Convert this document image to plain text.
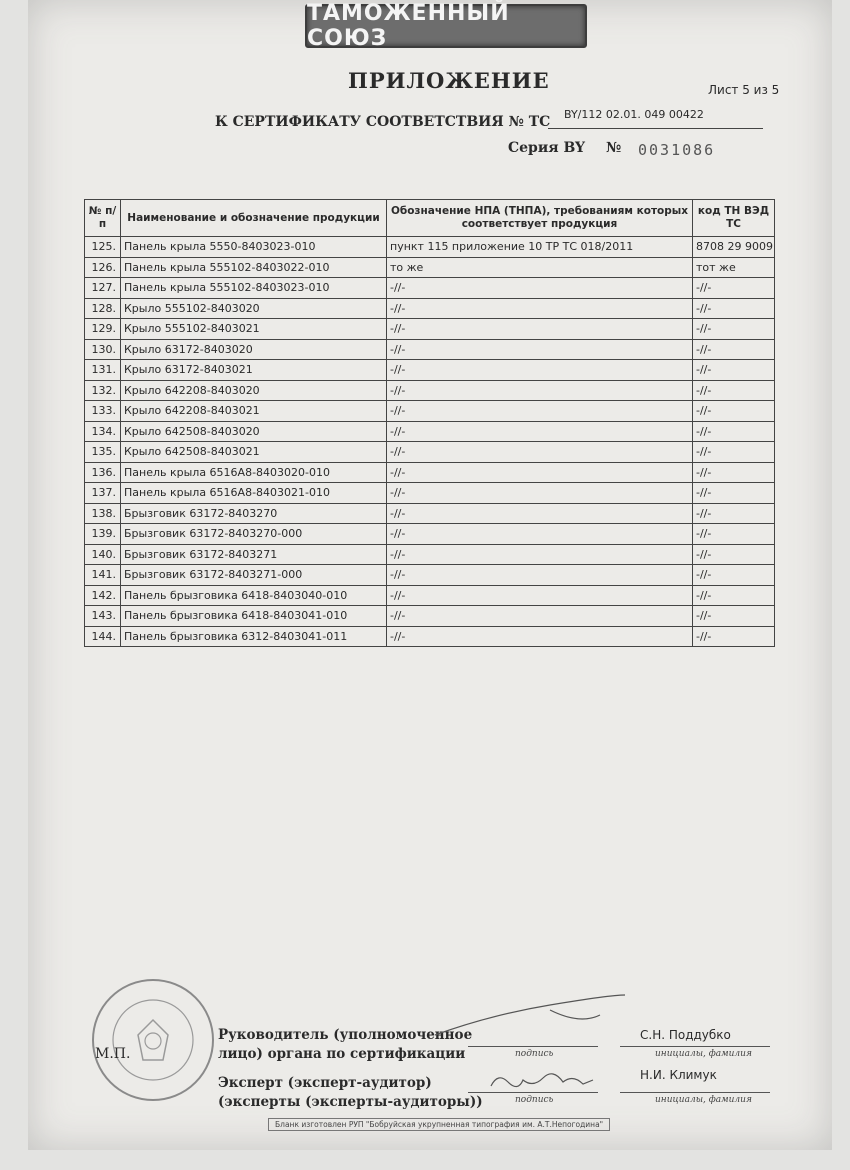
ТАМОЖЕННЫЙ СОЮЗ
ПРИЛОЖЕНИЕ	Лист 5 из 5
К СЕРТИФИКАТУ СООТВЕТСТВИЯ № ТС BY/112 02.01. 049 00422
Серия BY № 0031086
№ п/п	Наименование и обозначение продукции	Обозначение НПА (ТНПА), требованиям которых соответствует продукция	код ТН ВЭД ТС
125.	Панель крыла 5550-8403023-010	пункт 115 приложение 10 ТР ТС 018/2011	8708 29 9009
126.	Панель крыла 555102-8403022-010	то же	тот же
127.	Панель крыла 555102-8403023-010	-//-	-//-
128.	Крыло 555102-8403020	-//-	-//-
129.	Крыло 555102-8403021	-//-	-//-
130.	Крыло 63172-8403020	-//-	-//-
131.	Крыло 63172-8403021	-//-	-//-
132.	Крыло 642208-8403020	-//-	-//-
133.	Крыло 642208-8403021	-//-	-//-
134.	Крыло 642508-8403020	-//-	-//-
135.	Крыло 642508-8403021	-//-	-//-
136.	Панель крыла 6516А8-8403020-010	-//-	-//-
137.	Панель крыла 6516А8-8403021-010	-//-	-//-
138.	Брызговик 63172-8403270	-//-	-//-
139.	Брызговик 63172-8403270-000	-//-	-//-
140.	Брызговик 63172-8403271	-//-	-//-
141.	Брызговик 63172-8403271-000	-//-	-//-
142.	Панель брызговика 6418-8403040-010	-//-	-//-
143.	Панель брызговика 6418-8403041-010	-//-	-//-
144.	Панель брызговика 6312-8403041-011	-//-	-//-
М.П.
Руководитель (уполномоченное
лицо) органа по сертификации	подпись
С.Н. Поддубко
инициалы, фамилия
Эксперт (эксперт-аудитор)
(эксперты (эксперты-аудиторы))	подпись
Н.И. Климук
инициалы, фамилия
Бланк изготовлен РУП "Бобруйская укрупненная типография им. А.Т.Непогодина"
